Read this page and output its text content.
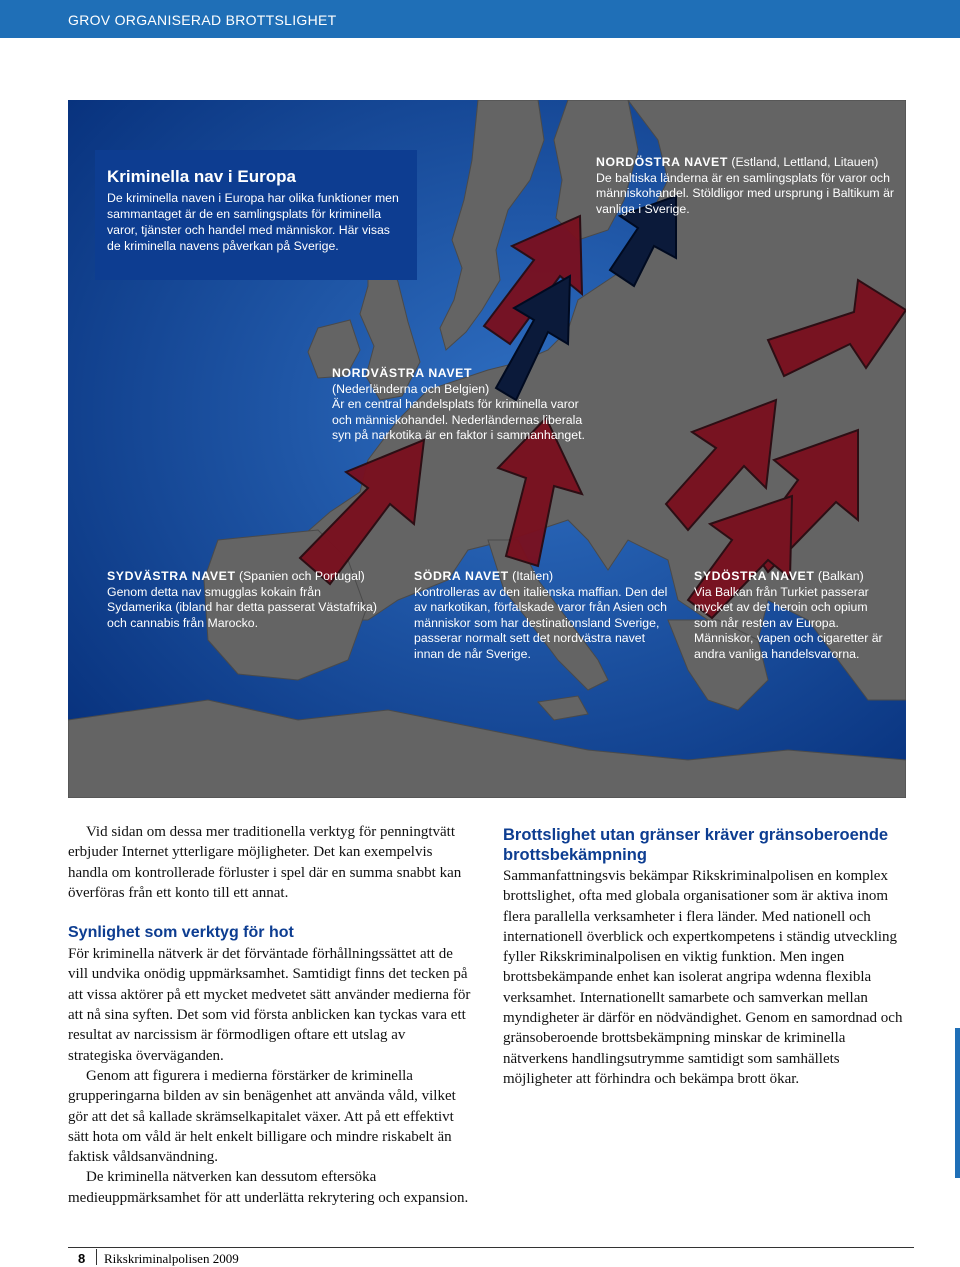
GROV ORGANISERAD BROTTSLIGHET
Kriminella nav i Europa
De kriminella naven i Europa har olika funktioner men sammantaget är de en samlingsplats för kriminella varor, tjänster och handel med människor. Här visas de kriminella navens påverkan på Sverige.
NORDÖSTRA NAVET (Estland, Lettland, Litauen)
De baltiska länderna är en samlingsplats för varor och människohandel. Stöldligor med ursprung i Baltikum är vanliga i Sverige.
NORDVÄSTRA NAVET
(Nederländerna och Belgien)
Är en central handelsplats för kriminella varor och människohandel. Nederländernas liberala syn på narkotika är en faktor i sammanhanget.
SYDVÄSTRA NAVET (Spanien och Portugal)
Genom detta nav smugglas kokain från Sydamerika (ibland har detta passerat Västafrika) och cannabis från Marocko.
SÖDRA NAVET (Italien)
Kontrolleras av den italienska maffian. Den del av narkotikan, förfalskade varor från Asien och människor som har destinationsland Sverige, passerar normalt sett det nordvästra navet innan de når Sverige.
SYDÖSTRA NAVET (Balkan)
Via Balkan från Turkiet passerar mycket av det heroin och opium som når resten av Europa. Människor, vapen och cigaretter är andra vanliga handelsvarorna.

Vid sidan om dessa mer traditionella verktyg för penningtvätt erbjuder Internet ytterligare möjligheter. Det kan exempelvis handla om kontrollerade förluster i spel där en summa snabbt kan överföras från ett konto till ett annat.

Synlighet som verktyg för hot

För kriminella nätverk är det förväntade förhållningssättet att de vill undvika onödig uppmärksamhet. Samtidigt finns det tecken på att vissa aktörer på ett mycket medvetet sätt använder medierna för att nå sina syften. Det som vid första anblicken kan tyckas vara ett resultat av narcissism är förmodligen oftare ett utslag av strategiska överväganden.

Genom att figurera i medierna förstärker de kriminella grupperingarna bilden av sin benägenhet att använda våld, vilket gör att det så kallade skrämselkapitalet växer. Att på ett effektivt sätt hota om våld är helt enkelt billigare och mindre riskabelt än faktisk våldsanvändning.

De kriminella nätverken kan dessutom eftersöka medieuppmärksamhet för att underlätta rekrytering och expansion.

Brottslighet utan gränser kräver gränsoberoende brottsbekämpning

Sammanfattningsvis bekämpar Rikskriminalpolisen en komplex brottslighet, ofta med globala organisationer som är aktiva inom flera parallella verksamheter i flera länder. Med nationell och internationell överblick och expertkompetens i ständig utveckling fyller Rikskriminalpolisen en viktig funktion. Men ingen brottsbekämpande enhet kan isolerat angripa wdenna flexibla verksamhet. Internationellt samarbete och samverkan mellan myndigheter är därför en nödvändighet. Genom en samordnad och gränsoberoende brottsbekämpning minskar de kriminella nätverkens handlingsutrymme samtidigt som samhällets möjligheter att förhindra och bekämpa brott ökar.

8 Rikskriminalpolisen 2009
